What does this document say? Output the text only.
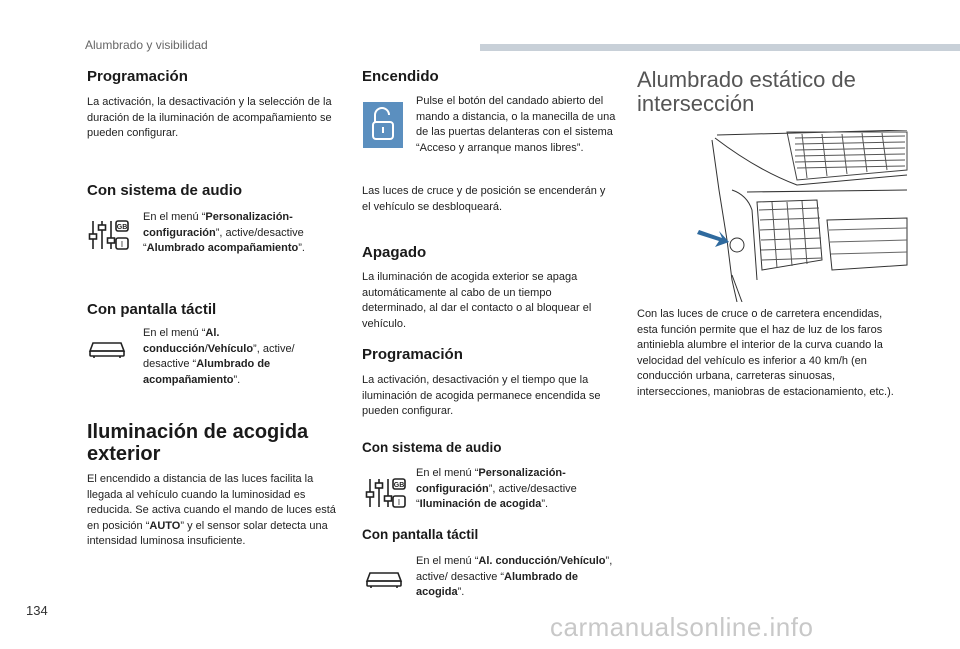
Alumbrado y visibilidad
Programación
La activación, la desactivación y la selección de la duración de la iluminación de acompañamiento se pueden configurar.
Con sistema de audio
GB
I
En el menú “Personalización-configuración”, active/desactive “Alumbrado acompañamiento”.
Con pantalla táctil
En el menú “Al. conducción/Vehículo”, active/ desactive “Alumbrado de acompañamiento”.
Iluminación de acogida exterior
El encendido a distancia de las luces facilita la llegada al vehículo cuando la luminosidad es reducida. Se activa cuando el mando de luces está en posición “AUTO” y el sensor solar detecta una intensidad luminosa insuficiente.
Encendido
Pulse el botón del candado abierto del mando a distancia, o la manecilla de una de las puertas delanteras con el sistema “Acceso y arranque manos libres”.
Las luces de cruce y de posición se encenderán y el vehículo se desbloqueará.
Apagado
La iluminación de acogida exterior se apaga automáticamente al cabo de un tiempo determinado, al dar el contacto o al bloquear el vehículo.
Programación
La activación, desactivación y el tiempo que la iluminación de acogida permanece encendida se pueden configurar.
Con sistema de audio
GB
I
En el menú “Personalización-configuración”, active/desactive “Iluminación de acogida”.
Con pantalla táctil
En el menú “Al. conducción/Vehículo”, active/ desactive “Alumbrado de acogida”.
Alumbrado estático de intersección
Con las luces de cruce o de carretera encendidas, esta función permite que el haz de luz de los faros antiniebla alumbre el interior de la curva cuando la velocidad del vehículo es inferior a 40 km/h (en conducción urbana, carreteras sinuosas, intersecciones, maniobras de estacionamiento, etc.).
134
carmanualsonline.info
